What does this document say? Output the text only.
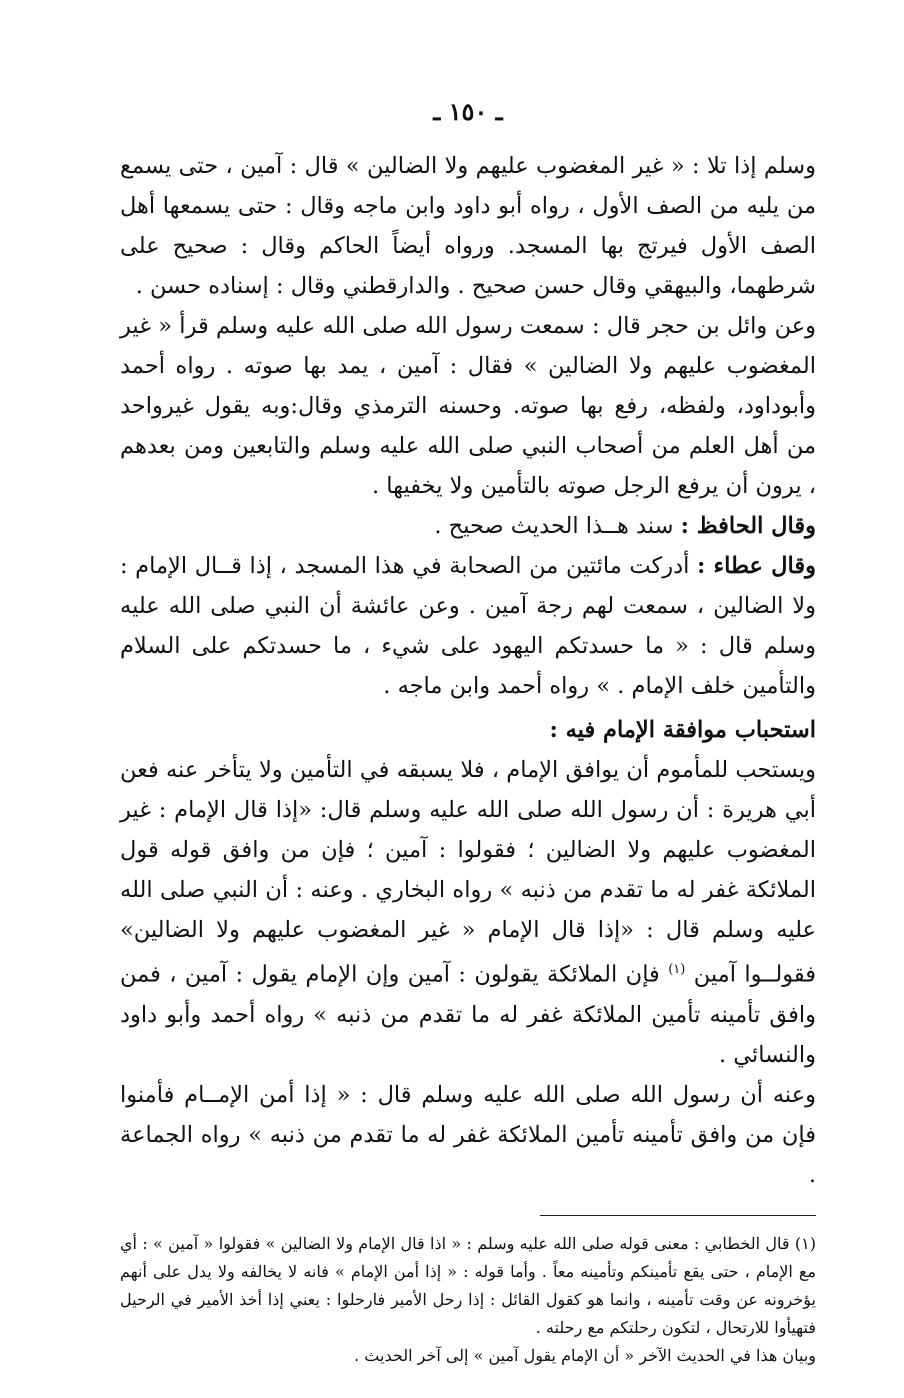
ـ ١٥٠ ـ

وسلم إذا تلا : « غير المغضوب عليهم ولا الضالين » قال : آمين ، حتى يسمع من يليه من الصف الأول ، رواه أبو داود وابن ماجه وقال : حتى يسمعها أهل الصف الأول فيرتج بها المسجد. ورواه أيضاً الحاكم وقال : صحيح على شرطهما، والبيهقي وقال حسن صحيح . والدارقطني وقال : إسناده حسن .

وعن وائل بن حجر قال : سمعت رسول الله صلى الله عليه وسلم قرأ « غير المغضوب عليهم ولا الضالين » فقال : آمين ، يمد بها صوته . رواه أحمد وأبوداود، ولفظه، رفع بها صوته. وحسنه الترمذي وقال:وبه يقول غيرواحد من أهل العلم من أصحاب النبي صلى الله عليه وسلم والتابعين ومن بعدهم ، يرون أن يرفع الرجل صوته بالتأمين ولا يخفيها .

وقال الحافظ : سند هــذا الحديث صحيح .

وقال عطاء : أدركت مائتين من الصحابة في هذا المسجد ، إذا قــال الإمام : ولا الضالين ، سمعت لهم رجة آمين . وعن عائشة أن النبي صلى الله عليه وسلم قال : « ما حسدتكم اليهود على شيء ، ما حسدتكم على السلام والتأمين خلف الإمام . » رواه أحمد وابن ماجه .

استحباب موافقة الإمام فيه :

ويستحب للمأموم أن يوافق الإمام ، فلا يسبقه في التأمين ولا يتأخر عنه فعن أبي هريرة : أن رسول الله صلى الله عليه وسلم قال: «إذا قال الإمام : غير المغضوب عليهم ولا الضالين ؛ فقولوا : آمين ؛ فإن من وافق قوله قول الملائكة غفر له ما تقدم من ذنبه » رواه البخاري . وعنه : أن النبي صلى الله عليه وسلم قال : «إذا قال الإمام « غير المغضوب عليهم ولا الضالين» فقولــوا آمين $^{(١)}$ فإن الملائكة يقولون : آمين وإن الإمام يقول : آمين ، فمن وافق تأمينه تأمين الملائكة غفر له ما تقدم من ذنبه » رواه أحمد وأبو داود والنسائي .

وعنه أن رسول الله صلى الله عليه وسلم قال : « إذا أمن الإمــام فأمنوا فإن من وافق تأمينه تأمين الملائكة غفر له ما تقدم من ذنبه » رواه الجماعة .

(١) قال الخطابي : معنى قوله صلى الله عليه وسلم : « اذا قال الإمام ولا الضالين » فقولوا « آمين » : أي مع الإمام ، حتى يقع تأمينكم وتأمينه معاً . وأما قوله : « إذا أمن الإمام » فانه لا يخالفه ولا يدل على أنهم يؤخرونه عن وقت تأمينه ، وانما هو كقول القائل : إذا رحل الأمير فارحلوا : يعني إذا أخذ الأمير في الرحيل فتهيأوا للارتحال ، لتكون رحلتكم مع رحلته .

وبيان هذا في الحديث الآخر « أن الإمام يقول آمين » إلى آخر الحديث .
